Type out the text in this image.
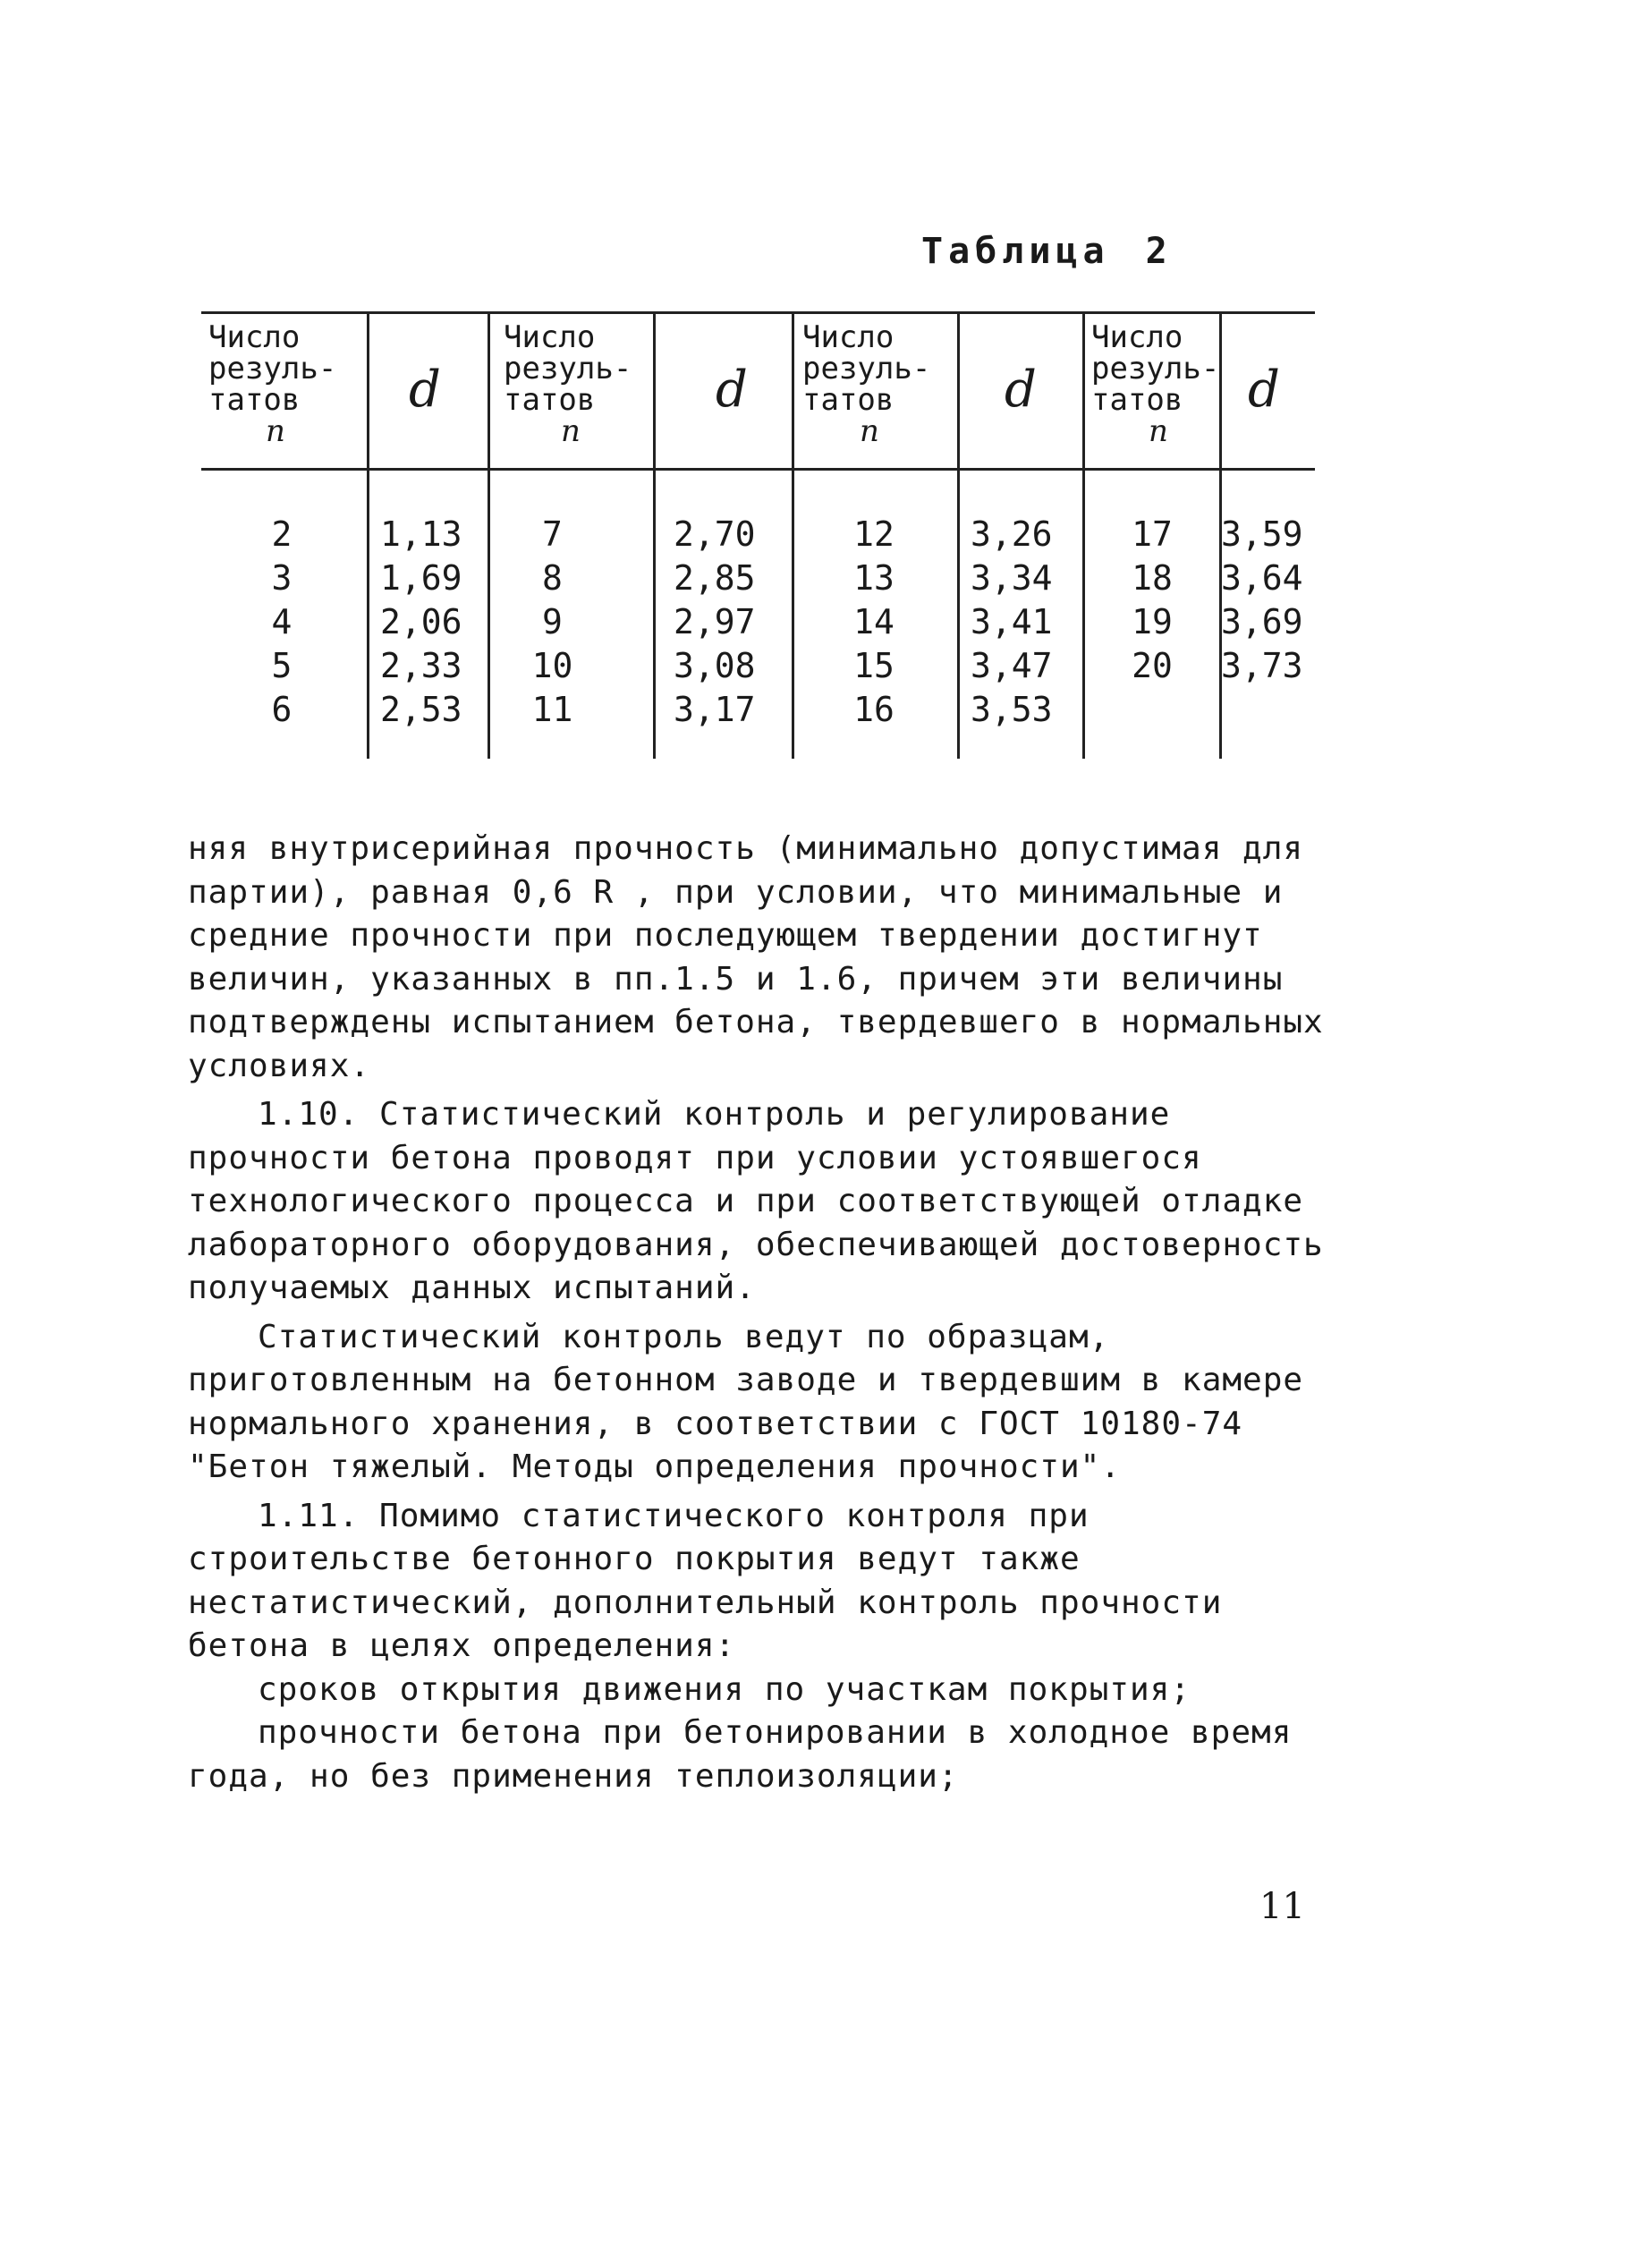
Таблица 2
Число
резуль-
татов
n
d
Число
резуль-
татов
n
d
Число
резуль-
татов
n
d
Число
резуль-
татов
n
d
2
3
4
5
6
1,13
1,69
2,06
2,33
2,53
7
8
9
10
11
2,70
2,85
2,97
3,08
3,17
12
13
14
15
16
3,26
3,34
3,41
3,47
3,53
17
18
19
20
3,59
3,64
3,69
3,73

няя внутрисерийная прочность (минимально допустимая для партии), равная 0,6 R , при условии, что минимальные и средние прочности при последующем твердении достигнут величин, указанных в пп.1.5 и 1.6, причем эти величины подтверждены испытанием бетона, твердевшего в нормальных условиях.

1.10. Статистический контроль и регулирование прочности бетона проводят при условии устоявшегося технологического процесса и при соответствующей отладке лабораторного оборудования, обеспечивающей достоверность получаемых данных испытаний.

Статистический контроль ведут по образцам, приготовленным на бетонном заводе и твердевшим в камере нормального хранения, в соответствии с ГОСТ 10180-74 "Бетон тяжелый. Методы определения прочности".

1.11. Помимо статистического контроля при строительстве бетонного покрытия ведут также нестатистический, дополнительный контроль прочности бетона в целях определения:

сроков открытия движения по участкам покрытия;

прочности бетона при бетонировании в холодное время года, но без применения теплоизоляции;

11
